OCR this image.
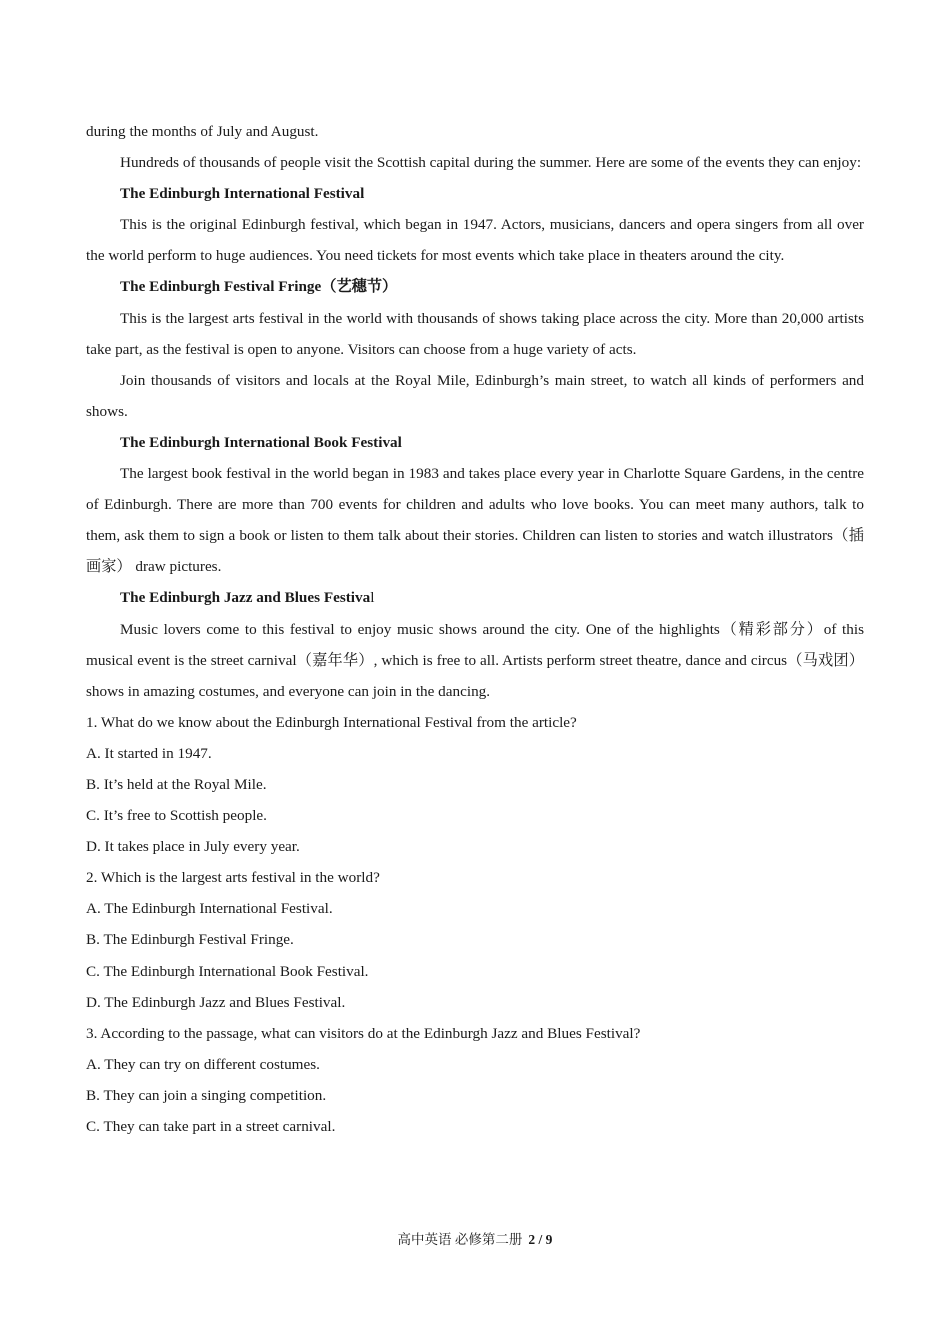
during the months of July and August.

Hundreds of thousands of people visit the Scottish capital during the summer. Here are some of the events they can enjoy:

The Edinburgh International Festival

This is the original Edinburgh festival, which began in 1947. Actors, musicians, dancers and opera singers from all over the world perform to huge audiences. You need tickets for most events which take place in theaters around the city.

The Edinburgh Festival Fringe（艺穗节）

This is the largest arts festival in the world with thousands of shows taking place across the city. More than 20,000 artists take part, as the festival is open to anyone. Visitors can choose from a huge variety of acts.

Join thousands of visitors and locals at the Royal Mile, Edinburgh’s main street, to watch all kinds of performers and shows.

The Edinburgh International Book Festival

The largest book festival in the world began in 1983 and takes place every year in Charlotte Square Gardens, in the centre of Edinburgh. There are more than 700 events for children and adults who love books. You can meet many authors, talk to them, ask them to sign a book or listen to them talk about their stories. Children can listen to stories and watch illustrators（插画家） draw pictures.

The Edinburgh Jazz and Blues Festival

Music lovers come to this festival to enjoy music shows around the city. One of the highlights（精彩部分）of this musical event is the street carnival（嘉年华）, which is free to all. Artists perform street theatre, dance and circus（马戏团） shows in amazing costumes, and everyone can join in the dancing.

1. What do we know about the Edinburgh International Festival from the article?

A. It started in 1947.

B. It’s held at the Royal Mile.

C. It’s free to Scottish people.

D. It takes place in July every year.

2. Which is the largest arts festival in the world?

A. The Edinburgh International Festival.

B. The Edinburgh Festival Fringe.

C. The Edinburgh International Book Festival.

D. The Edinburgh Jazz and Blues Festival.

3. According to the passage, what can visitors do at the Edinburgh Jazz and Blues Festival?

A. They can try on different costumes.

B. They can join a singing competition.

C. They can take part in a street carnival.

高中英语 必修第二册 2 / 9
